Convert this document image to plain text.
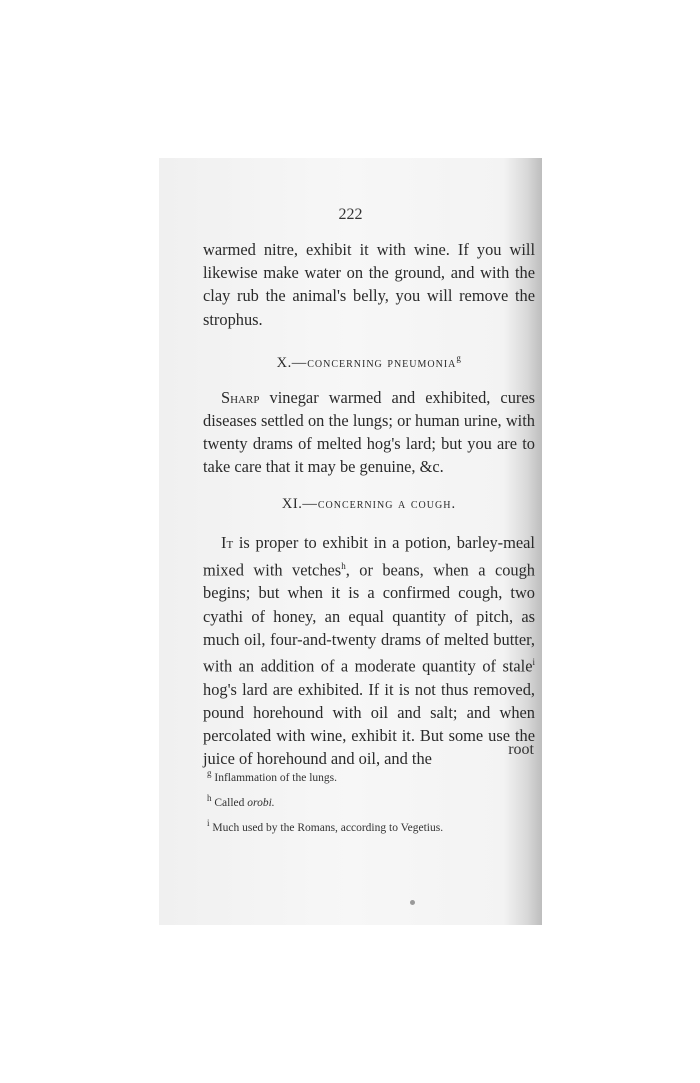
222

warmed nitre, exhibit it with wine. If you will likewise make water on the ground, and with the clay rub the animal's belly, you will remove the strophus.

X.—concerning pneumonia$^g$

Sharp vinegar warmed and exhibited, cures diseases settled on the lungs; or human urine, with twenty drams of melted hog's lard; but you are to take care that it may be genuine, &c.

XI.—concerning a cough.

It is proper to exhibit in a potion, barley-meal mixed with vetches$^h$, or beans, when a cough begins; but when it is a confirmed cough, two cyathi of honey, an equal quantity of pitch, as much oil, four-and-twenty drams of melted butter, with an addition of a moderate quantity of stale$^i$ hog's lard are exhibited. If it is not thus removed, pound horehound with oil and salt; and when percolated with wine, exhibit it. But some use the juice of horehound and oil, and the	root

$^g$ Inflammation of the lungs.

$^h$ Called orobi.

$^i$ Much used by the Romans, according to Vegetius.
